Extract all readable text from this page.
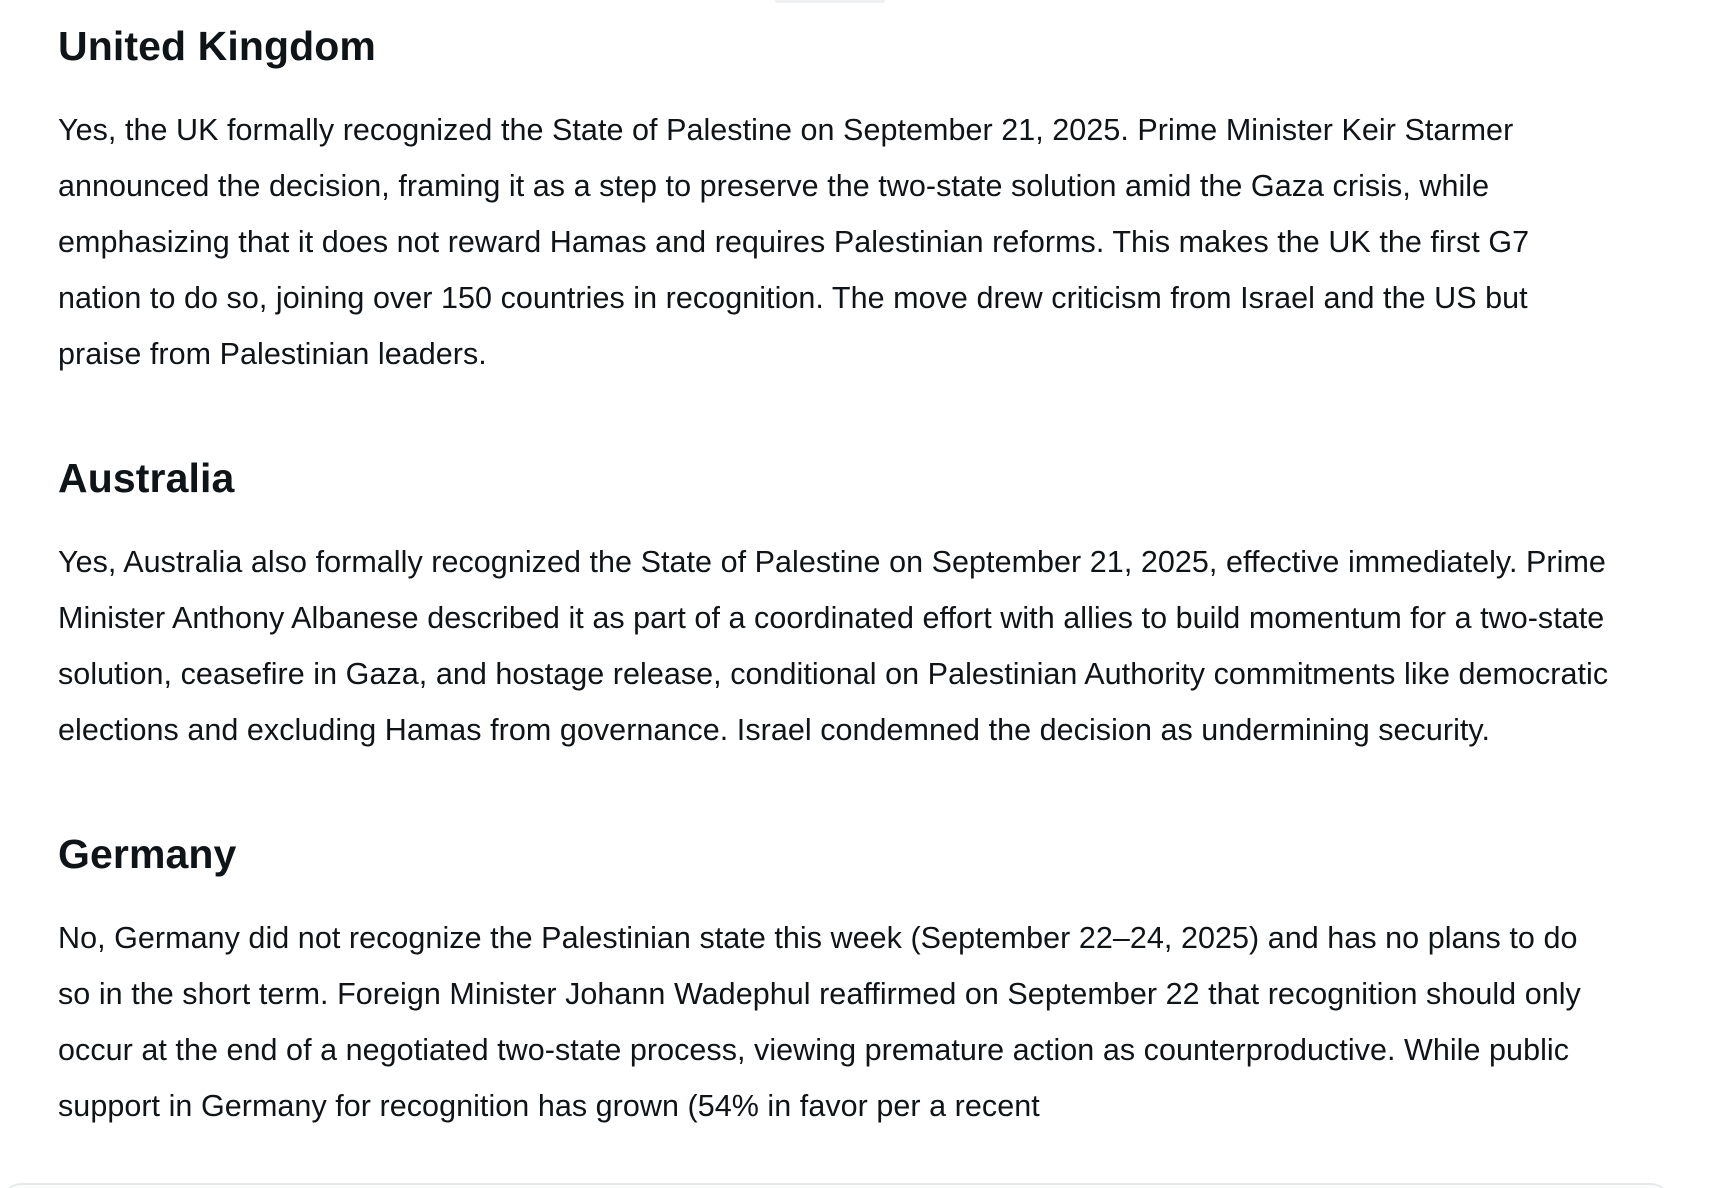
United Kingdom

Yes, the UK formally recognized the State of Palestine on September 21, 2025. Prime Minister Keir Starmer announced the decision, framing it as a step to preserve the two-state solution amid the Gaza crisis, while emphasizing that it does not reward Hamas and requires Palestinian reforms. This makes the UK the first G7 nation to do so, joining over 150 countries in recognition. The move drew criticism from Israel and the US but praise from Palestinian leaders.

Australia

Yes, Australia also formally recognized the State of Palestine on September 21, 2025, effective immediately. Prime Minister Anthony Albanese described it as part of a coordinated effort with allies to build momentum for a two-state solution, ceasefire in Gaza, and hostage release, conditional on Palestinian Authority commitments like democratic elections and excluding Hamas from governance. Israel condemned the decision as undermining security.

Germany

No, Germany did not recognize the Palestinian state this week (September 22–24, 2025) and has no plans to do so in the short term. Foreign Minister Johann Wadephul reaffirmed on September 22 that recognition should only occur at the end of a negotiated two-state process, viewing premature action as counterproductive. While public support in Germany for recognition has grown (54% in favor per a recent
